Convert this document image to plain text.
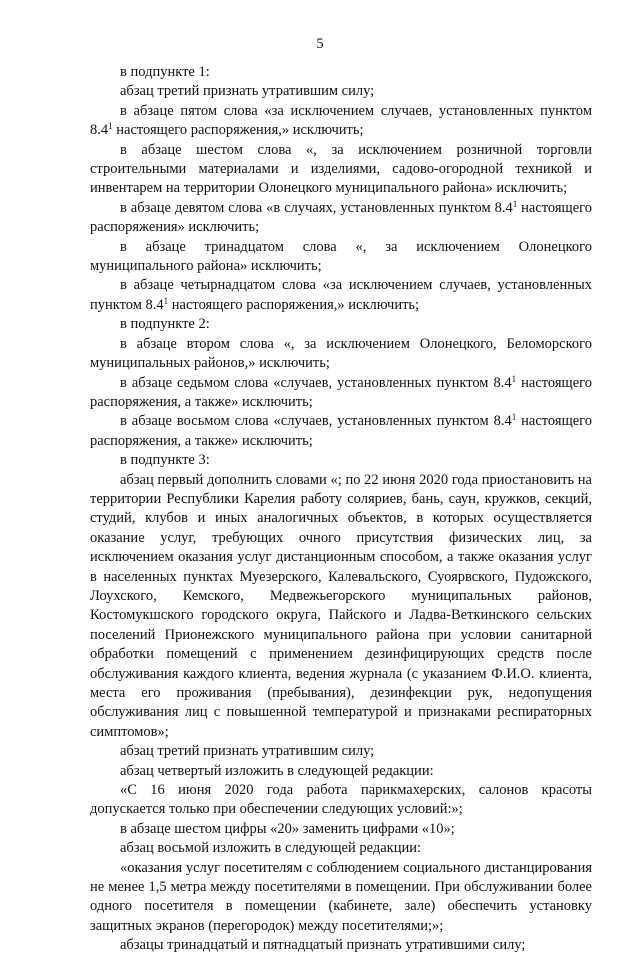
5

в подпунктe 1:

абзац третий признать утратившим силу;

в абзаце пятом слова «за исключением случаев, установленных пунктом $8.4^1$ настоящего распоряжения,» исключить;

в абзаце шестом слова «, за исключением розничной торговли строительными материалами и изделиями, садово-огородной техникой и инвентарем на территории Олонецкого муниципального района» исключить;

в абзаце девятом слова «в случаях, установленных пунктом $8.4^1$ настоящего распоряжения» исключить;

в абзаце тринадцатом слова «, за исключением Олонецкого муниципального района» исключить;

в абзаце четырнадцатом слова «за исключением случаев, установленных пунктом $8.4^1$ настоящего распоряжения,» исключить;

в подпунктe 2:

в абзаце втором слова «, за исключением Олонецкого, Беломорского муниципальных районов,» исключить;

в абзаце седьмом слова «случаев, установленных пунктом $8.4^1$ настоящего распоряжения, а также» исключить;

в абзаце восьмом слова «случаев, установленных пунктом $8.4^1$ настоящего распоряжения, а также» исключить;

в подпунктe 3:

абзац первый дополнить словами «; по 22 июня 2020 года приостановить на территории Республики Карелия работу соляриев, бань, саун, кружков, секций, студий, клубов и иных аналогичных объектов, в которых осуществляется оказание услуг, требующих очного присутствия физических лиц, за исключением оказания услуг дистанционным способом, а также оказания услуг в населенных пунктах Муезерского, Калевальского, Суоярвского, Пудожского, Лоухского, Кемского, Медвежьегорского муниципальных районов, Костомукшского городского округа, Пайского и Ладва-Веткинского сельских поселений Прионежского муниципального района при условии санитарной обработки помещений с применением дезинфицирующих средств после обслуживания каждого клиента, ведения журнала (с указанием Ф.И.О. клиента, места его проживания (пребывания), дезинфекции рук, недопущения обслуживания лиц с повышенной температурой и признаками респираторных симптомов»;

абзац третий признать утратившим силу;

абзац четвертый изложить в следующей редакции:

«С 16 июня 2020 года работа парикмахерских, салонов красоты допускается только при обеспечении следующих условий:»;

в абзаце шестом цифры «20» заменить цифрами «10»;

абзац восьмой изложить в следующей редакции:

«оказания услуг посетителям с соблюдением социального дистанцирования не менее 1,5 метра между посетителями в помещении. При обслуживании более одного посетителя в помещении (кабинете, зале) обеспечить установку защитных экранов (перегородок) между посетителями;»;

абзацы тринадцатый и пятнадцатый признать утратившими силу;
